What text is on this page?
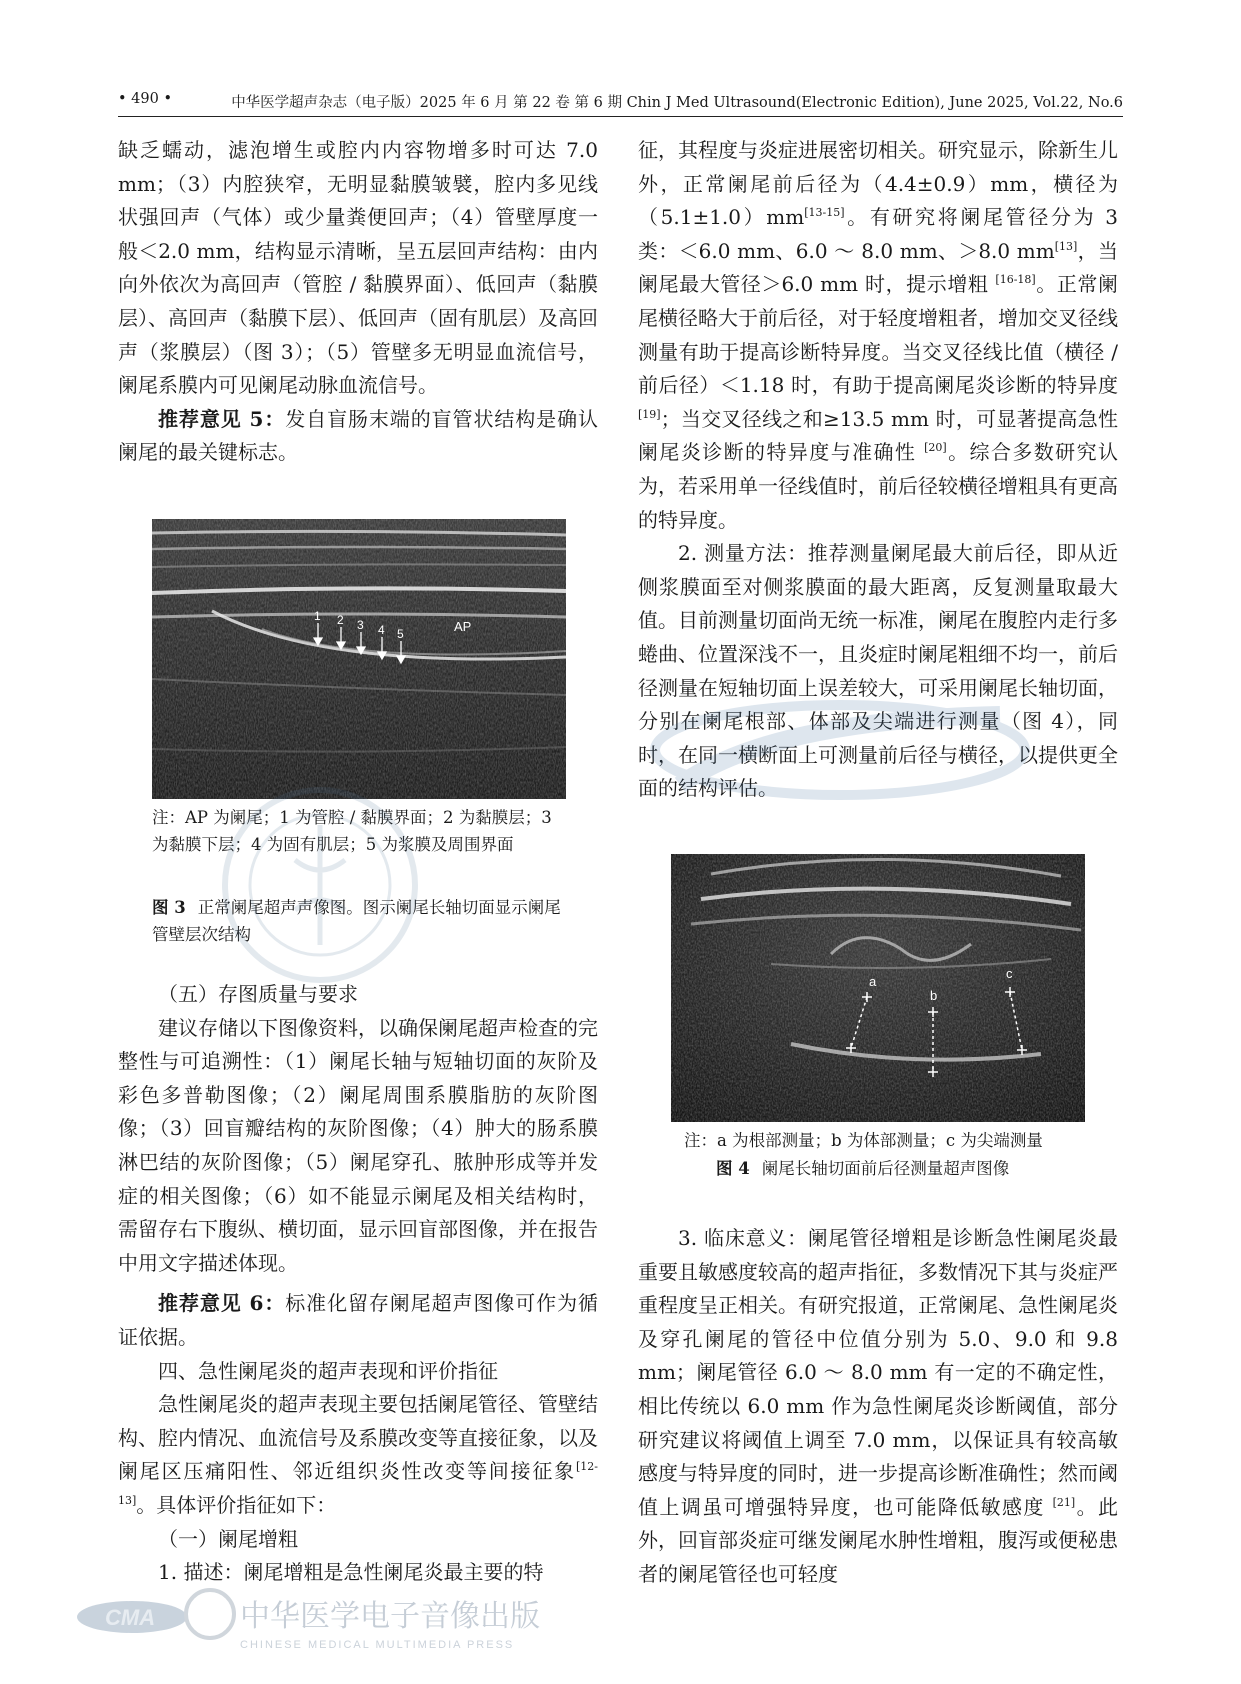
• 490 •	中华医学超声杂志（电子版）2025 年 6 月 第 22 卷 第 6 期 Chin J Med Ultrasound(Electronic Edition), June 2025, Vol.22, No.6

缺乏蠕动，滤泡增生或腔内内容物增多时可达 7.0 mm；（3）内腔狭窄，无明显黏膜皱襞，腔内多见线状强回声（气体）或少量粪便回声；（4）管壁厚度一般＜2.0 mm，结构显示清晰，呈五层回声结构：由内向外依次为高回声（管腔 / 黏膜界面）、低回声（黏膜层）、高回声（黏膜下层）、低回声（固有肌层）及高回声（浆膜层）（图 3）；（5）管壁多无明显血流信号，阑尾系膜内可见阑尾动脉血流信号。

推荐意见 5：发自盲肠末端的盲管状结构是确认阑尾的最关键标志。

1 2 3 4 5	AP
注：AP 为阑尾；1 为管腔 / 黏膜界面；2 为黏膜层；3 为黏膜下层；4 为固有肌层；5 为浆膜及周围界面
图 3 正常阑尾超声声像图。图示阑尾长轴切面显示阑尾管壁层次结构

（五）存图质量与要求

建议存储以下图像资料，以确保阑尾超声检查的完整性与可追溯性：（1）阑尾长轴与短轴切面的灰阶及彩色多普勒图像；（2）阑尾周围系膜脂肪的灰阶图像；（3）回盲瓣结构的灰阶图像；（4）肿大的肠系膜淋巴结的灰阶图像；（5）阑尾穿孔、脓肿形成等并发症的相关图像；（6）如不能显示阑尾及相关结构时，需留存右下腹纵、横切面，显示回盲部图像，并在报告中用文字描述体现。

推荐意见 6：标准化留存阑尾超声图像可作为循证依据。

四、急性阑尾炎的超声表现和评价指征

急性阑尾炎的超声表现主要包括阑尾管径、管壁结构、腔内情况、血流信号及系膜改变等直接征象，以及阑尾区压痛阳性、邻近组织炎性改变等间接征象[12-13]。具体评价指征如下：

（一）阑尾增粗

1. 描述：阑尾增粗是急性阑尾炎最主要的特

征，其程度与炎症进展密切相关。研究显示，除新生儿外，正常阑尾前后径为（4.4±0.9）mm，横径为（5.1±1.0）mm[13-15]。有研究将阑尾管径分为 3 类：＜6.0 mm、6.0 ～ 8.0 mm、＞8.0 mm[13]，当阑尾最大管径＞6.0 mm 时，提示增粗 [16-18]。正常阑尾横径略大于前后径，对于轻度增粗者，增加交叉径线测量有助于提高诊断特异度。当交叉径线比值（横径 / 前后径）＜1.18 时，有助于提高阑尾炎诊断的特异度 [19]；当交叉径线之和≥13.5 mm 时，可显著提高急性阑尾炎诊断的特异度与准确性 [20]。综合多数研究认为，若采用单一径线值时，前后径较横径增粗具有更高的特异度。

2. 测量方法：推荐测量阑尾最大前后径，即从近侧浆膜面至对侧浆膜面的最大距离，反复测量取最大值。目前测量切面尚无统一标准，阑尾在腹腔内走行多蜷曲、位置深浅不一，且炎症时阑尾粗细不均一，前后径测量在短轴切面上误差较大，可采用阑尾长轴切面，分别在阑尾根部、体部及尖端进行测量（图 4），同时，在同一横断面上可测量前后径与横径，以提供更全面的结构评估。

a
b
c
注：a 为根部测量；b 为体部测量；c 为尖端测量
图 4 阑尾长轴切面前后径测量超声图像

3. 临床意义：阑尾管径增粗是诊断急性阑尾炎最重要且敏感度较高的超声指征，多数情况下其与炎症严重程度呈正相关。有研究报道，正常阑尾、急性阑尾炎及穿孔阑尾的管径中位值分别为 5.0、9.0 和 9.8 mm；阑尾管径 6.0 ～ 8.0 mm 有一定的不确定性，相比传统以 6.0 mm 作为急性阑尾炎诊断阈值，部分研究建议将阈值上调至 7.0 mm，以保证具有较高敏感度与特异度的同时，进一步提高诊断准确性；然而阈值上调虽可增强特异度，也可能降低敏感度 [21]。此外，回盲部炎症可继发阑尾水肿性增粗，腹泻或便秘患者的阑尾管径也可轻度

CMA	中华医学电子音像出版社
CHINESE MEDICAL MULTIMEDIA PRESS
